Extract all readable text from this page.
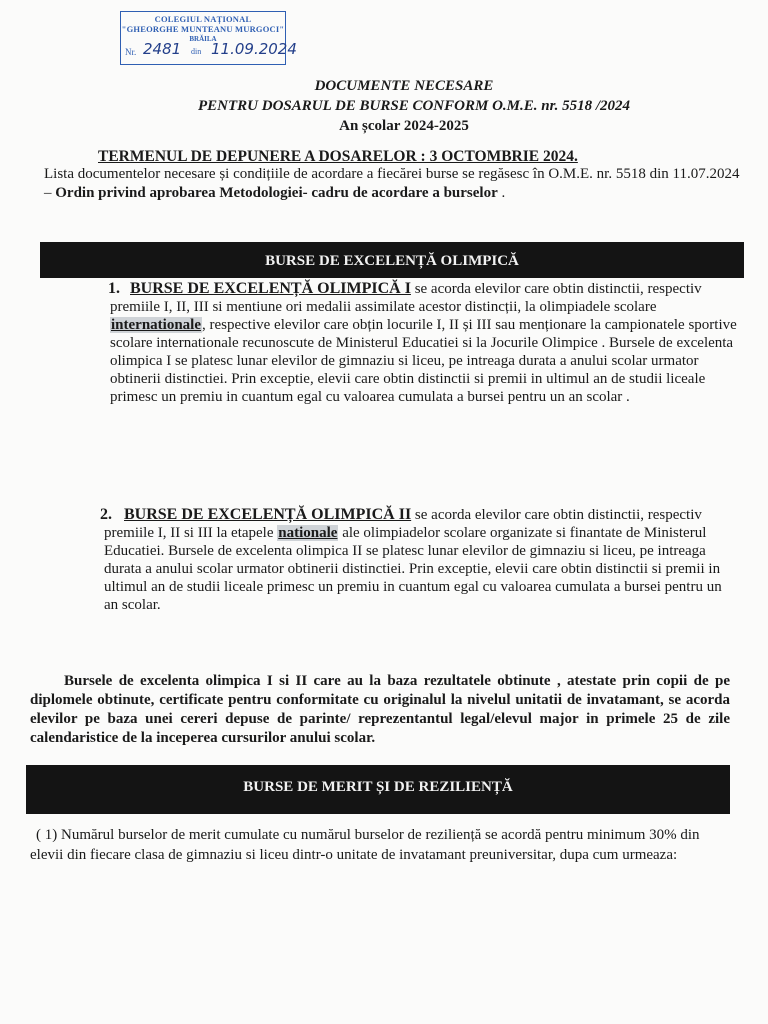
COLEGIUL NAȚIONAL
"GHEORGHE MUNTEANU MURGOCI"
BRĂILA
Nr. 2481 din 11.09.2024
DOCUMENTE NECESARE
PENTRU DOSARUL DE BURSE CONFORM O.M.E. nr. 5518 /2024
An școlar 2024-2025
TERMENUL DE DEPUNERE A DOSARELOR : 3 OCTOMBRIE 2024.
Lista documentelor necesare și condițiile de acordare a fiecărei burse se regăsesc în O.M.E. nr. 5518 din 11.07.2024 – Ordin privind aprobarea Metodologiei- cadru de acordare a burselor .
BURSE DE EXCELENȚĂ OLIMPICĂ
1. BURSE DE EXCELENȚĂ OLIMPICĂ I se acorda elevilor care obtin distinctii, respectiv premiile I, II, III si mentiune ori medalii assimilate acestor distincții, la olimpiadele scolare internationale, respective elevilor care obțin locurile I, II și III sau menționare la campionatele sportive scolare internationale recunoscute de Ministerul Educatiei si la Jocurile Olimpice . Bursele de excelenta olimpica I se platesc lunar elevilor de gimnaziu si liceu, pe intreaga durata a anului scolar urmator obtinerii distinctiei. Prin exceptie, elevii care obtin distinctii si premii in ultimul an de studii liceale primesc un premiu in cuantum egal cu valoarea cumulata a bursei pentru un an scolar .
2. BURSE DE EXCELENȚĂ OLIMPICĂ II se acorda elevilor care obtin distinctii, respectiv premiile I, II si III la etapele nationale ale olimpiadelor scolare organizate si finantate de Ministerul Educatiei. Bursele de excelenta olimpica II se platesc lunar elevilor de gimnaziu si liceu, pe intreaga durata a anului scolar urmator obtinerii distinctiei. Prin exceptie, elevii care obtin distinctii si premii in ultimul an de studii liceale primesc un premiu in cuantum egal cu valoarea cumulata a bursei pentru un an scolar.
Bursele de excelenta olimpica I si II care au la baza rezultatele obtinute , atestate prin copii de pe diplomele obtinute, certificate pentru conformitate cu originalul la nivelul unitatii de invatamant, se acorda elevilor pe baza unei cereri depuse de parinte/ reprezentantul legal/elevul major in primele 25 de zile calendaristice de la inceperea cursurilor anului scolar.
BURSE DE MERIT ȘI DE REZILIENȚĂ
( 1) Numărul burselor de merit cumulate cu numărul burselor de reziliență se acordă pentru minimum 30% din elevii din fiecare clasa de gimnaziu si liceu dintr-o unitate de invatamant preuniversitar, dupa cum urmeaza:
